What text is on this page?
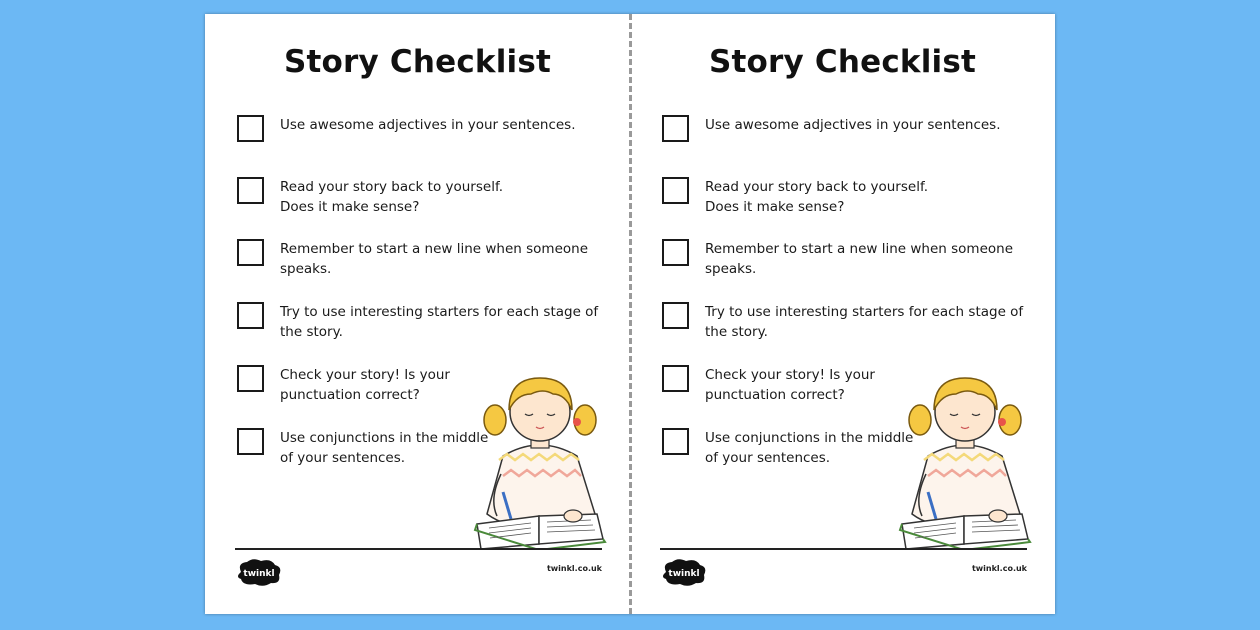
Story Checklist
Use awesome adjectives in your sentences.
Read your story back to yourself.
Does it make sense?
Remember to start a new line when someone
speaks.
Try to use interesting starters for each stage of
the story.
Check your story! Is your
punctuation correct?
Use conjunctions in the middle
of your sentences.
twinkl
twinkl.co.uk
Story Checklist
Use awesome adjectives in your sentences.
Read your story back to yourself.
Does it make sense?
Remember to start a new line when someone
speaks.
Try to use interesting starters for each stage of
the story.
Check your story! Is your
punctuation correct?
Use conjunctions in the middle
of your sentences.
twinkl
twinkl.co.uk
